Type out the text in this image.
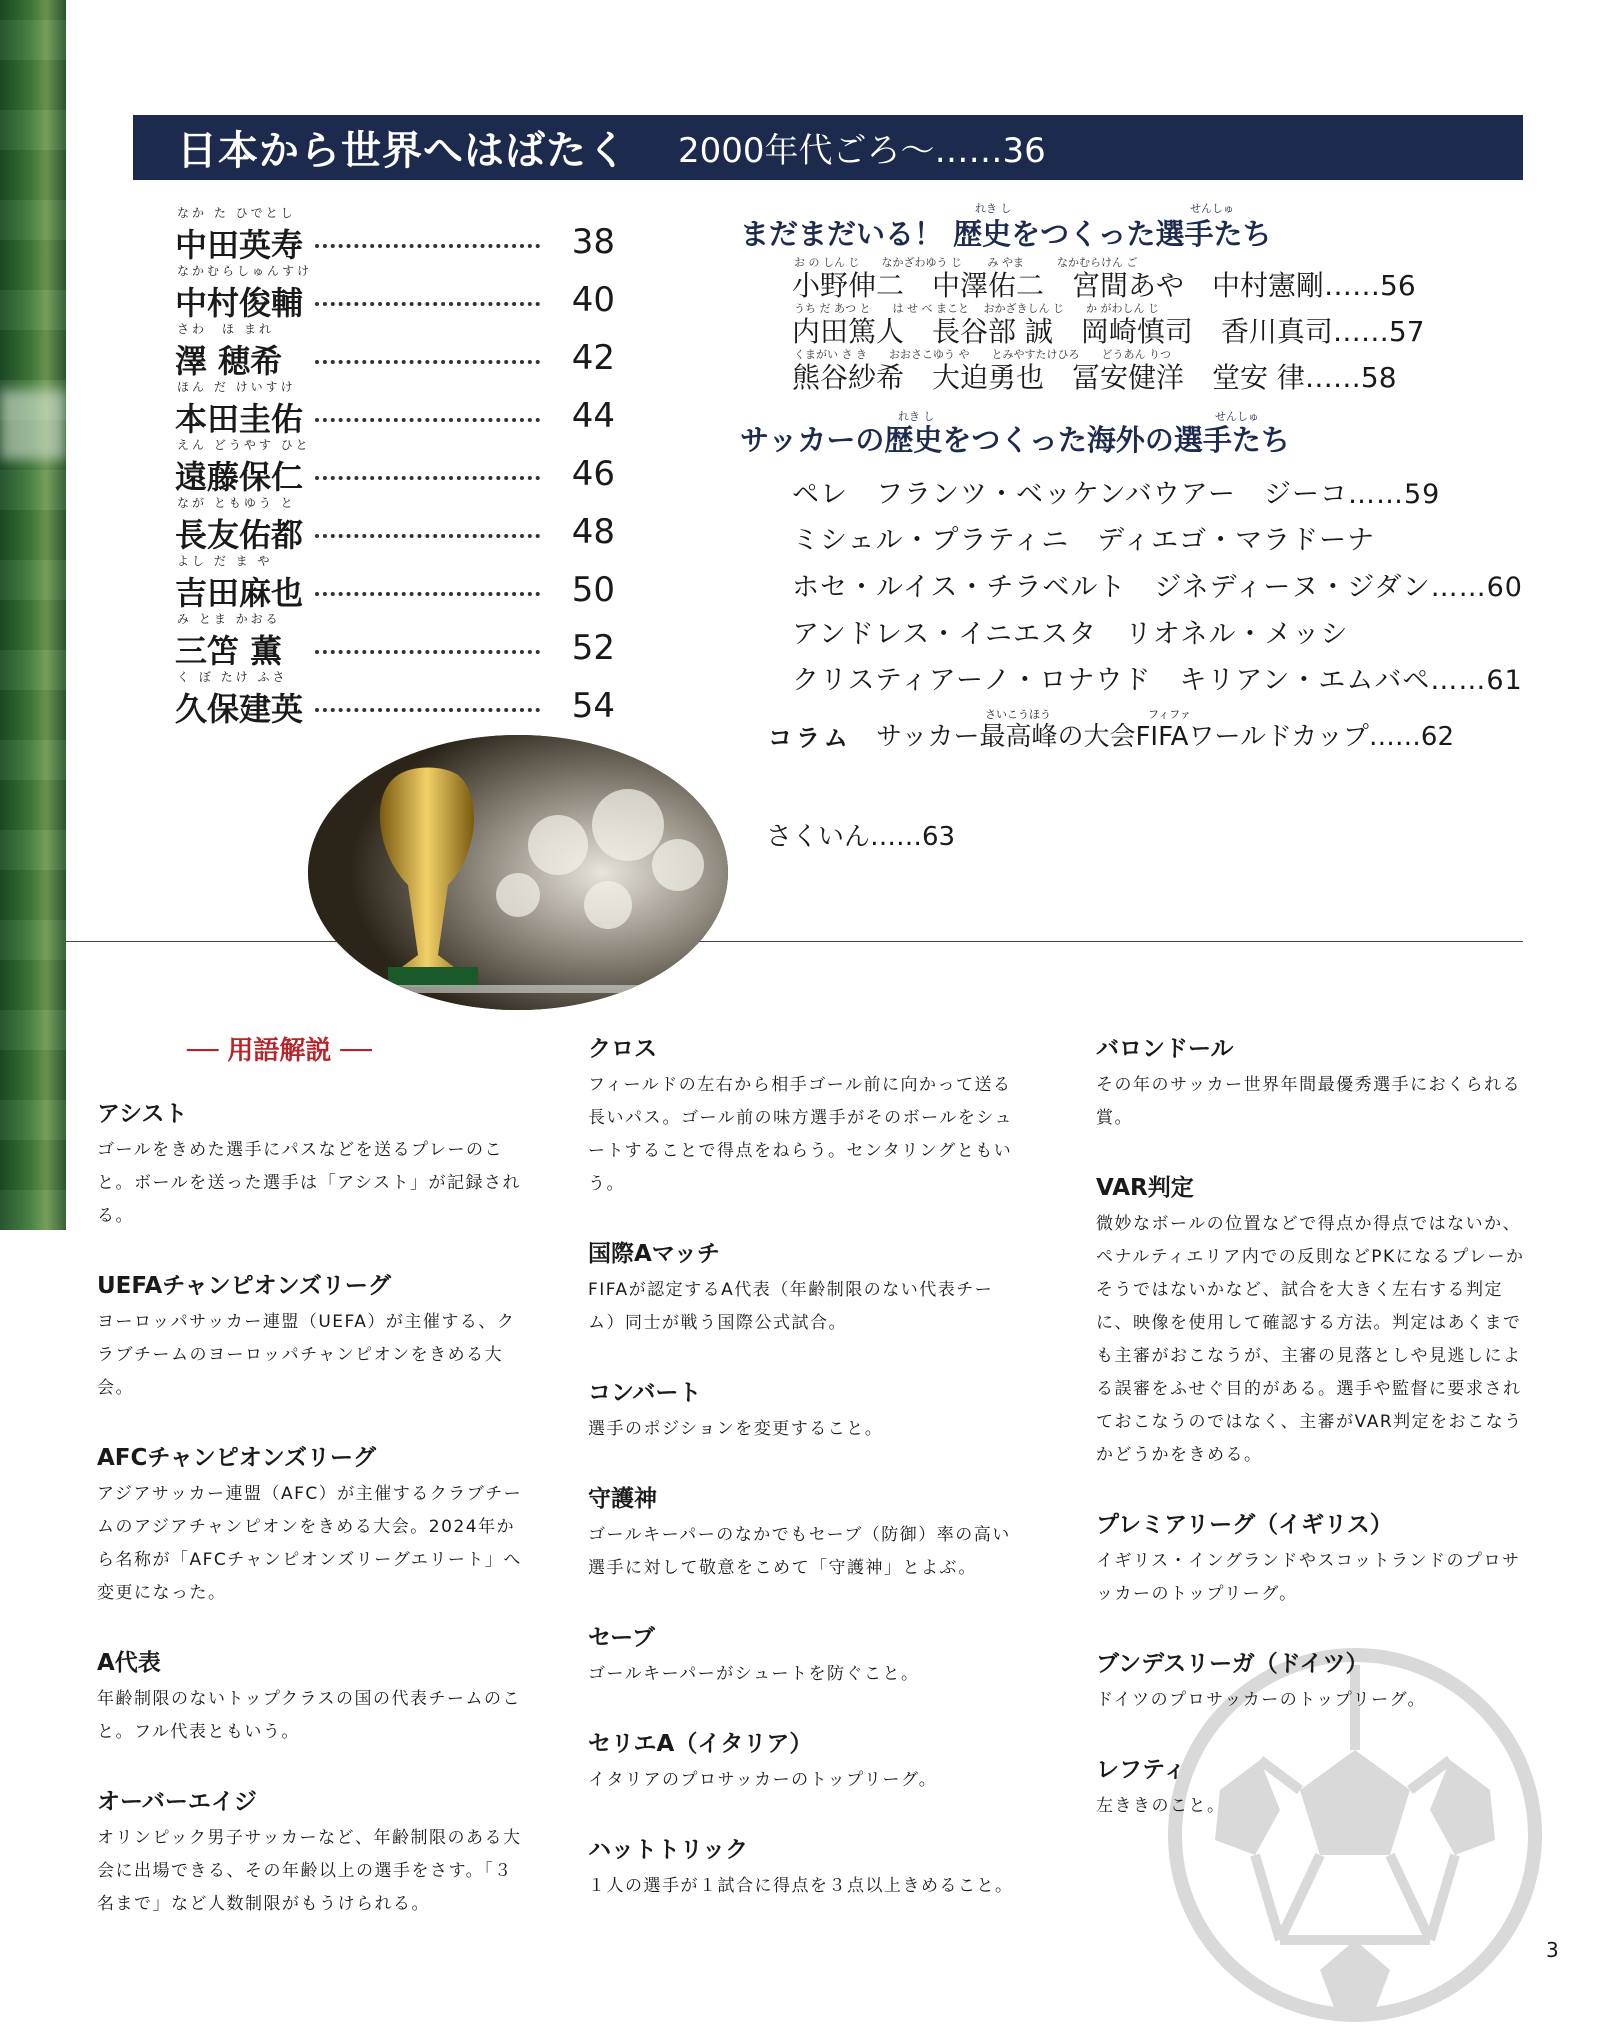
日本から世界へはばたく 2000年代ごろ〜……36
なか た ひでとし
中田英寿	38
なかむらしゅんすけ
中村俊輔	40
さわ　ほ まれ
澤 穂希	42
ほん だ けいすけ
本田圭佑	44
えん どうやす ひと
遠藤保仁	46
なが ともゆう と
長友佑都	48
よし だ ま や
吉田麻也	50
み とま かおる
三笘 薫	52
く ぼ たけ ふさ
久保建英	54
れき し	せんしゅ
まだまだいる！ 歴史をつくった選手たち
お の しん じ　　なかざわゆう じ　　 み やま　　　なかむらけん ご
小野伸二　中澤佑二　宮間あや　中村憲剛……56
うち だ あつ と　　は せ べ まこと　 おかざきしん じ　　か がわしん じ
内田篤人　長谷部 誠　岡崎慎司　香川真司……57
くまがい さ き　　おおさこゆう や　　とみやすたけひろ　　どうあん りつ
熊谷紗希　大迫勇也　冨安健洋　堂安 律……58
れき し	せんしゅ
サッカーの歴史をつくった海外の選手たち
ペレ　フランツ・ベッケンバウアー　ジーコ……59
ミシェル・プラティニ　ディエゴ・マラドーナ
ホセ・ルイス・チラベルト　ジネディーヌ・ジダン……60
アンドレス・イニエスタ　リオネル・メッシ
クリスティアーノ・ロナウド　キリアン・エムバペ……61
コラム
さいこうほう	フィファ
サッカー最高峰の大会FIFAワールドカップ……62
さくいん……63
── 用語解説 ──
アシスト
ゴールをきめた選手にパスなどを送るプレーのこと。ボールを送った選手は「アシスト」が記録される。
UEFAチャンピオンズリーグ
ヨーロッパサッカー連盟（UEFA）が主催する、クラブチームのヨーロッパチャンピオンをきめる大会。
AFCチャンピオンズリーグ
アジアサッカー連盟（AFC）が主催するクラブチームのアジアチャンピオンをきめる大会。2024年から名称が「AFCチャンピオンズリーグエリート」へ変更になった。
A代表
年齢制限のないトップクラスの国の代表チームのこと。フル代表ともいう。
オーバーエイジ
オリンピック男子サッカーなど、年齢制限のある大会に出場できる、その年齢以上の選手をさす。「３名まで」など人数制限がもうけられる。
クロス
フィールドの左右から相手ゴール前に向かって送る長いパス。ゴール前の味方選手がそのボールをシュートすることで得点をねらう。センタリングともいう。
国際Aマッチ
FIFAが認定するA代表（年齢制限のない代表チーム）同士が戦う国際公式試合。
コンバート
選手のポジションを変更すること。
守護神
ゴールキーパーのなかでもセーブ（防御）率の高い選手に対して敬意をこめて「守護神」とよぶ。
セーブ
ゴールキーパーがシュートを防ぐこと。
セリエA（イタリア）
イタリアのプロサッカーのトップリーグ。
ハットトリック
１人の選手が１試合に得点を３点以上きめること。
バロンドール
その年のサッカー世界年間最優秀選手におくられる賞。
VAR判定
微妙なボールの位置などで得点か得点ではないか、ペナルティエリア内での反則などPKになるプレーかそうではないかなど、試合を大きく左右する判定に、映像を使用して確認する方法。判定はあくまでも主審がおこなうが、主審の見落としや見逃しによる誤審をふせぐ目的がある。選手や監督に要求されておこなうのではなく、主審がVAR判定をおこなうかどうかをきめる。
プレミアリーグ（イギリス）
イギリス・イングランドやスコットランドのプロサッカーのトップリーグ。
ブンデスリーガ（ドイツ）
ドイツのプロサッカーのトップリーグ。
レフティ
左ききのこと。
3
